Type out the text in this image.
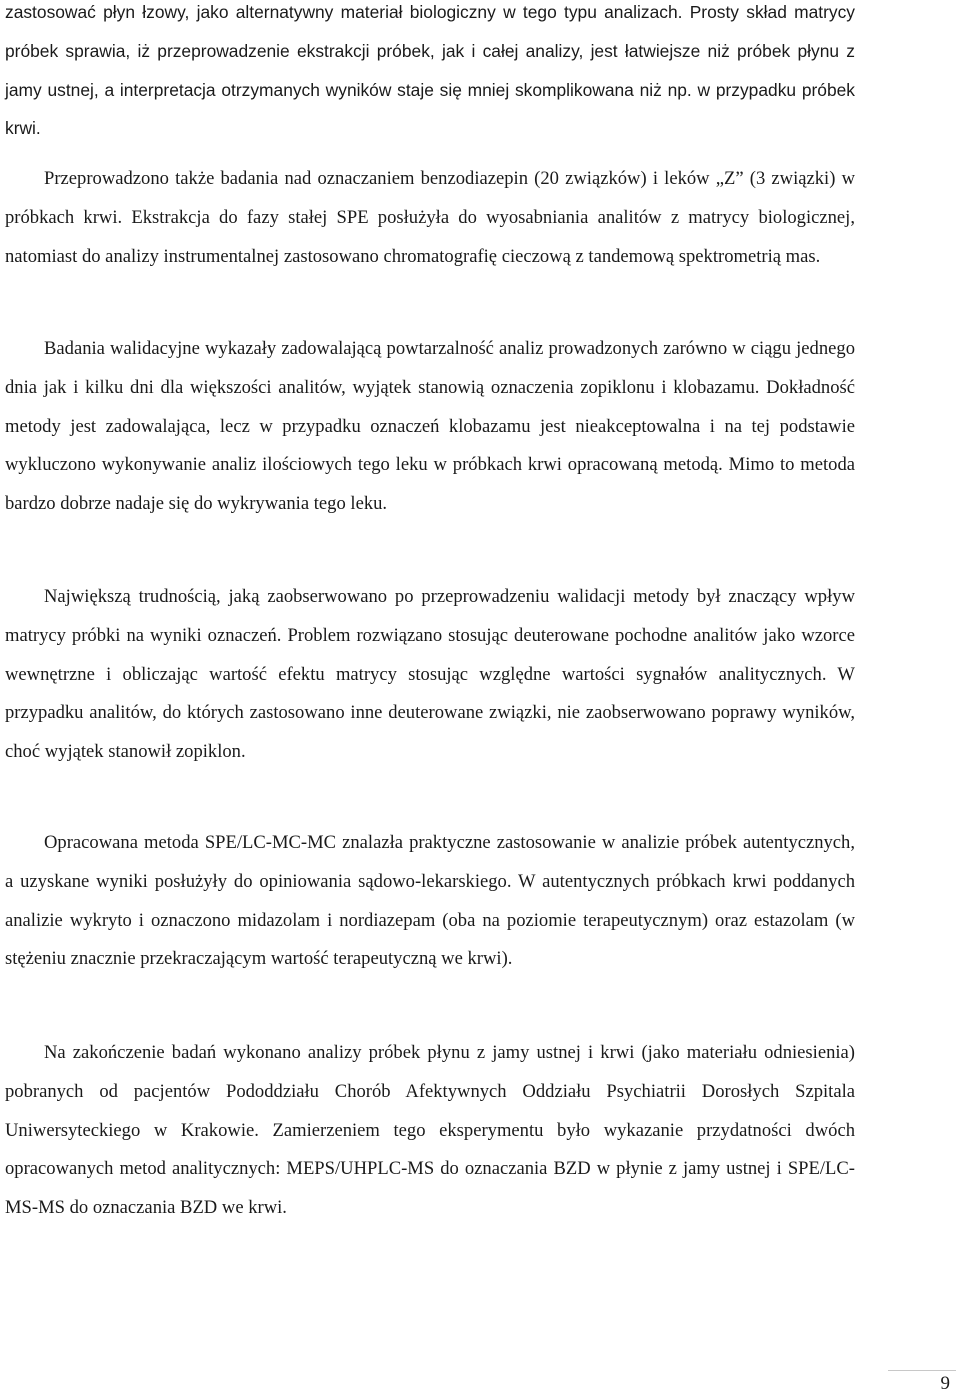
zastosować płyn łzowy, jako alternatywny materiał biologiczny w tego typu analizach. Prosty skład matrycy próbek sprawia, iż przeprowadzenie ekstrakcji próbek, jak i całej analizy, jest łatwiejsze niż próbek płynu z jamy ustnej, a interpretacja otrzymanych wyników staje się mniej skomplikowana niż np. w przypadku próbek krwi.

Przeprowadzono także badania nad oznaczaniem benzodiazepin (20 związków) i leków „Z” (3 związki) w próbkach krwi. Ekstrakcja do fazy stałej SPE posłużyła do wyosabniania analitów z matrycy biologicznej, natomiast do analizy instrumentalnej zastosowano chromatografię cieczową z tandemową spektrometrią mas.

Badania walidacyjne wykazały zadowalającą powtarzalność analiz prowadzonych zarówno w ciągu jednego dnia jak i kilku dni dla większości analitów, wyjątek stanowią oznaczenia zopiklonu i klobazamu. Dokładność metody jest zadowalająca, lecz w przypadku oznaczeń klobazamu jest nieakceptowalna i na tej podstawie wykluczono wykonywanie analiz ilościowych tego leku w próbkach krwi opracowaną metodą. Mimo to metoda bardzo dobrze nadaje się do wykrywania tego leku.

Największą trudnością, jaką zaobserwowano po przeprowadzeniu walidacji metody był znaczący wpływ matrycy próbki na wyniki oznaczeń. Problem rozwiązano stosując deuterowane pochodne analitów jako wzorce wewnętrzne i obliczając wartość efektu matrycy stosując względne wartości sygnałów analitycznych. W przypadku analitów, do których zastosowano inne deuterowane związki, nie zaobserwowano poprawy wyników, choć wyjątek stanowił zopiklon.

Opracowana metoda SPE/LC-MC-MC znalazła praktyczne zastosowanie w analizie próbek autentycznych, a uzyskane wyniki posłużyły do opiniowania sądowo-lekarskiego. W autentycznych próbkach krwi poddanych analizie wykryto i oznaczono midazolam i nordiazepam (oba na poziomie terapeutycznym) oraz estazolam (w stężeniu znacznie przekraczającym wartość terapeutyczną we krwi).

Na zakończenie badań wykonano analizy próbek płynu z jamy ustnej i krwi (jako materiału odniesienia) pobranych od pacjentów Pododdziału Chorób Afektywnych Oddziału Psychiatrii Dorosłych Szpitala Uniwersyteckiego w Krakowie. Zamierzeniem tego eksperymentu było wykazanie przydatności dwóch opracowanych metod analitycznych: MEPS/UHPLC-MS do oznaczania BZD w płynie z jamy ustnej i SPE/LC-MS-MS do oznaczania BZD we krwi.

9
